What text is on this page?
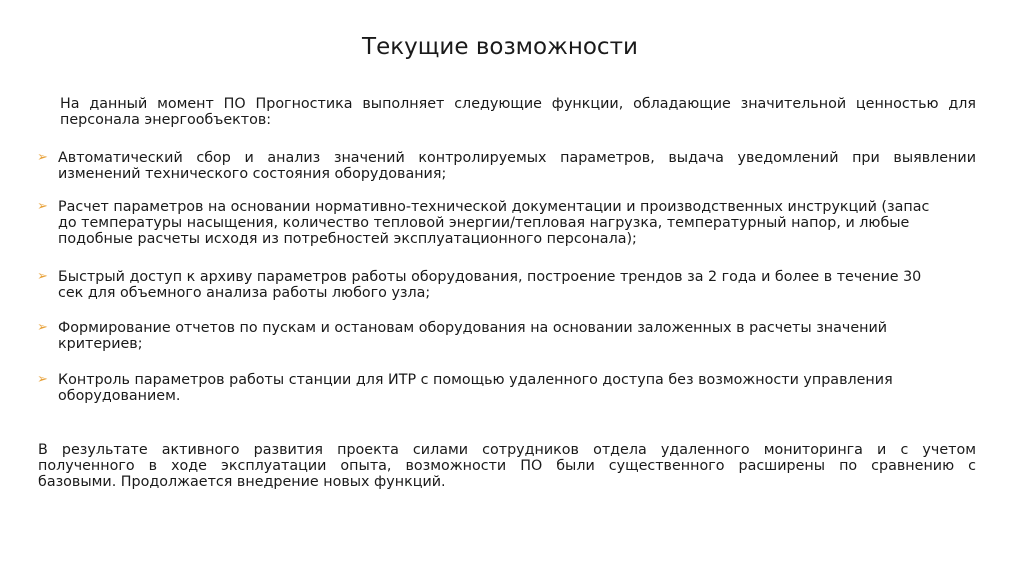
Текущие возможности
На данный момент ПО Прогностика выполняет следующие функции, обладающие значительной ценностью для
персонала энергообъектов:
➢ Автоматический сбор и анализ значений контролируемых параметров, выдача уведомлений при выявлении
изменений технического состояния оборудования;
➢ Расчет параметров на основании нормативно-технической документации и производственных инструкций (запас
до температуры насыщения, количество тепловой энергии/тепловая нагрузка, температурный напор, и любые
подобные расчеты исходя из потребностей эксплуатационного персонала);
➢ Быстрый доступ к архиву параметров работы оборудования, построение трендов за 2 года и более в течение 30
сек для объемного анализа работы любого узла;
➢ Формирование отчетов по пускам и остановам оборудования на основании заложенных в расчеты значений
критериев;
➢ Контроль параметров работы станции для ИТР с помощью удаленного доступа без возможности управления
оборудованием.
В результате активного развития проекта силами сотрудников отдела удаленного мониторинга и с учетом
полученного в ходе эксплуатации опыта, возможности ПО были существенного расширены по сравнению с
базовыми. Продолжается внедрение новых функций.
